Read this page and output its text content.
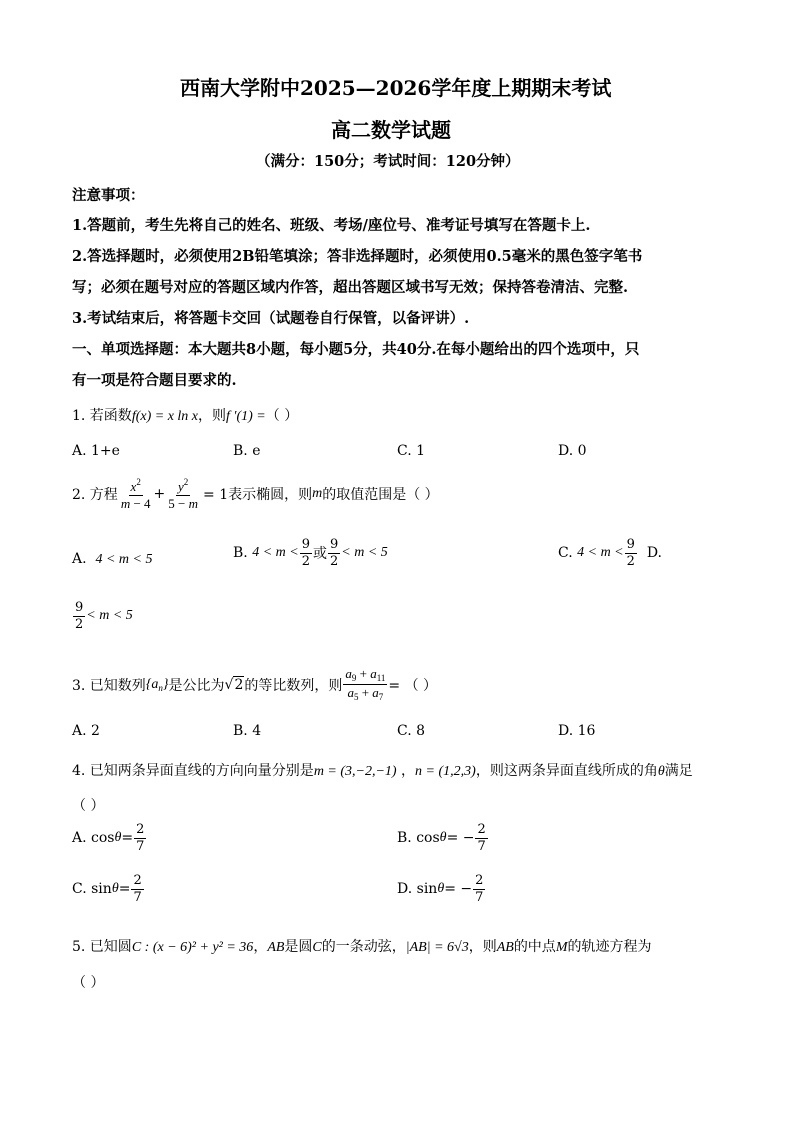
西南大学附中2025—2026学年度上期期末考试
高二数学试题
（满分：150分；考试时间：120分钟）
注意事项：
1.答题前，考生先将自己的姓名、班级、考场/座位号、准考证号填写在答题卡上.
2.答选择题时，必须使用2B铅笔填涂；答非选择题时，必须使用0.5毫米的黑色签字笔书
写；必须在题号对应的答题区域内作答，超出答题区域书写无效；保持答卷清洁、完整.
3.考试结束后，将答题卡交回（试题卷自行保管，以备评讲）.
一、单项选择题：本大题共8小题，每小题5分，共40分.在每小题给出的四个选项中，只
有一项是符合题目要求的.
1. 若函数f(x) = x ln x，则f ′(1) =（ ）
A. 1+e	B. e	C. 1	D. 0
2. 方程 $\frac{x^2}{m - 4} + \frac{y^2}{5 - m} = 1$表示椭圆，则 m 的取值范围是（ ）
A. 4 < m < 5	B.
$4 < m < \frac{9}{2}$ 或 $\frac{9}{2} < m < 5$	C.
$4 < m < \frac{9}{2}$
D.
$\frac{9}{2} < m < 5$
3. 已知数列 $\{a_n\}$ 是公比为 √2 的等比数列，则 $\frac{a_9 + a_{11}}{a_5 + a_7}$ = （ ）
A. 2	B. 4	C. 8	D. 16
4. 已知两条异面直线的方向向量分别是m = (3,−2,−1) ，n = (1,2,3)，则这两条异面直线所成的角θ满足
（ ）
A.
$\cos \theta = \frac{2}{7}$	B.
cos θ = − $\frac{2}{7}$
C.
$\sin \theta = \frac{2}{7}$	D.
sin θ = − $\frac{2}{7}$
5. 已知圆C : (x − 6)² + y² = 36，AB是圆C的一条动弦，|AB| = 6√3，则AB的中点M的轨迹方程为
（ ）
